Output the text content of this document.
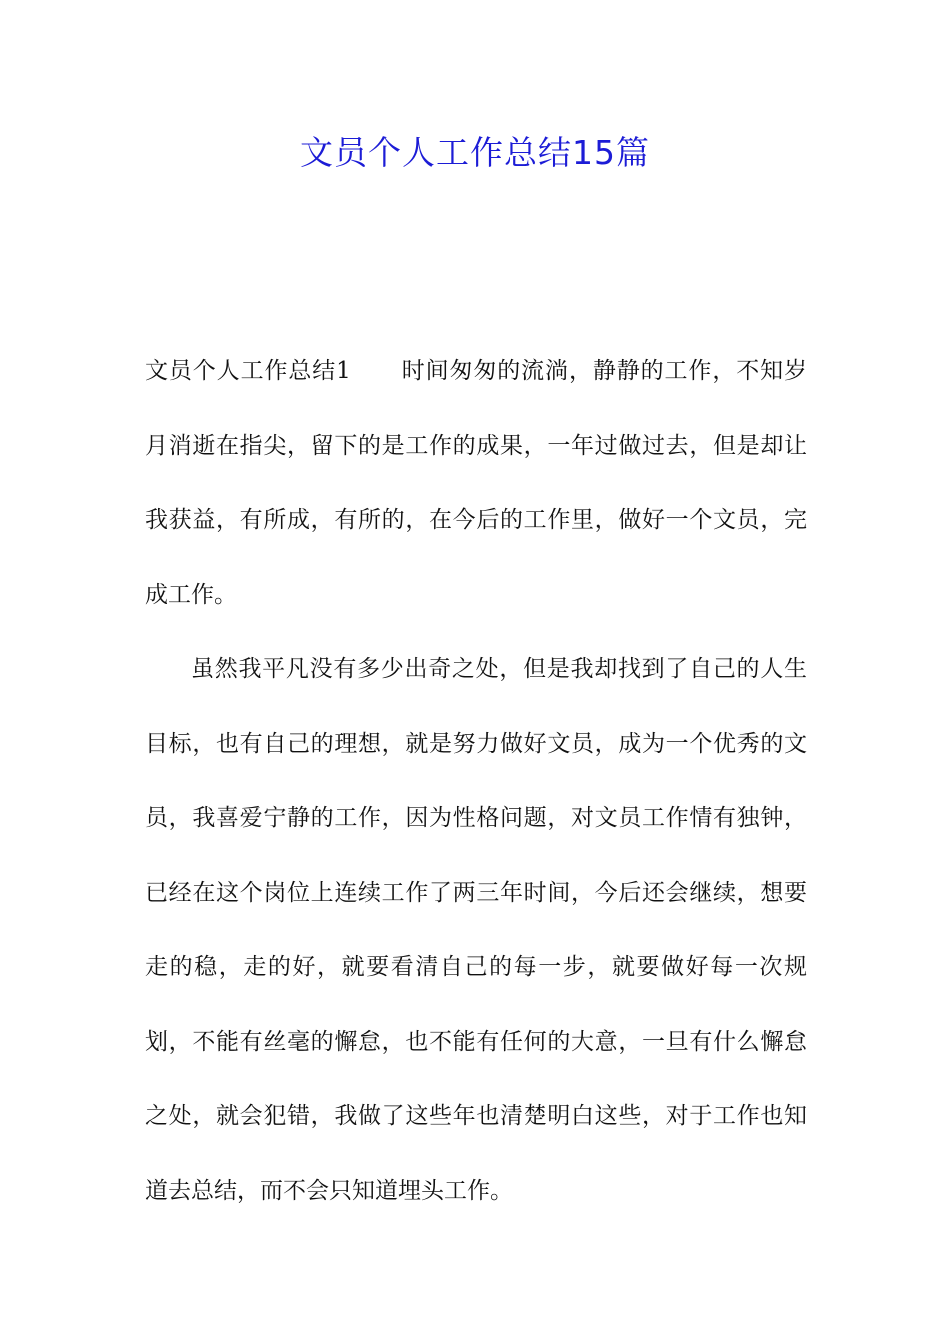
文员个人工作总结15篇

文员个人工作总结1 时间匆匆的流淌，静静的工作，不知岁月消逝在指尖，留下的是工作的成果，一年过做过去，但是却让我获益，有所成，有所的，在今后的工作里，做好一个文员，完成工作。

虽然我平凡没有多少出奇之处，但是我却找到了自己的人生目标，也有自己的理想，就是努力做好文员，成为一个优秀的文员，我喜爱宁静的工作，因为性格问题，对文员工作情有独钟，已经在这个岗位上连续工作了两三年时间，今后还会继续，想要走的稳，走的好，就要看清自己的每一步，就要做好每一次规划，不能有丝毫的懈怠，也不能有任何的大意，一旦有什么懈怠之处，就会犯错，我做了这些年也清楚明白这些，对于工作也知道去总结，而不会只知道埋头工作。
